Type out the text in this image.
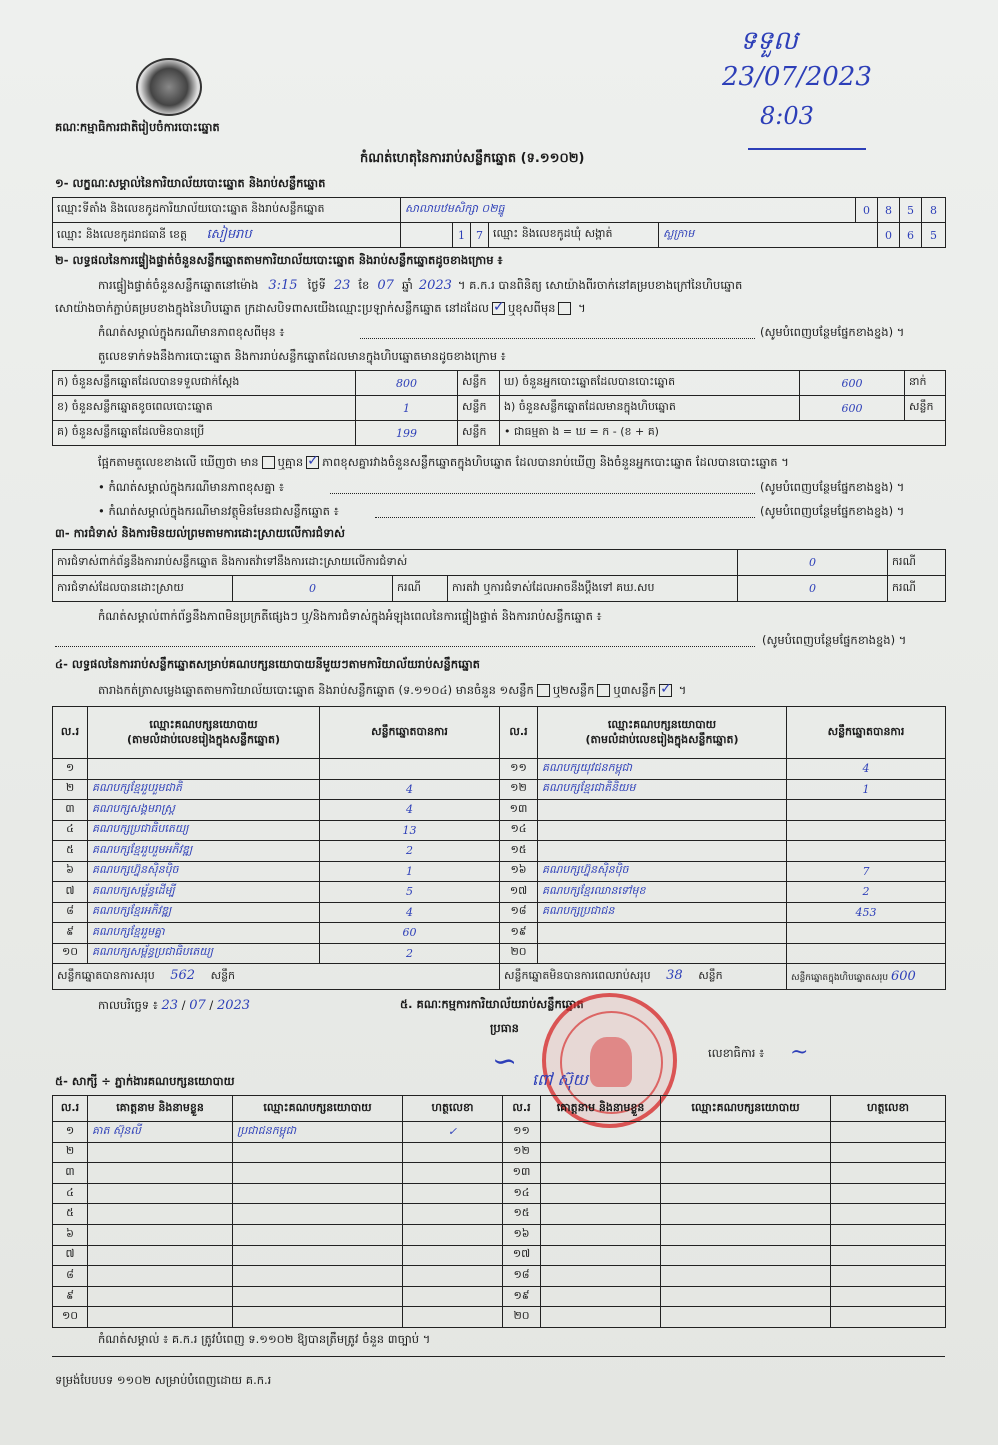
ទទួល
23/07/2023
8:03
គណៈកម្មាធិការជាតិរៀបចំការបោះឆ្នោត
កំណត់ហេតុនៃការរាប់សន្លឹកឆ្នោត (ទ.១១០២)
១- លក្ខណៈសម្គាល់នៃការិយាល័យបោះឆ្នោត និងរាប់សន្លឹកឆ្នោត
ឈ្មោះទីតាំង និងលេខកូដការិយាល័យបោះឆ្នោត និងរាប់សន្លឹកឆ្នោត	សាលាបឋមសិក្សា ០២ធ្នូ					0	8	5	8
ឈ្មោះ និងលេខកូដរាជធានី ខេត្ត សៀមរាប		1	7	ឈ្មោះ និងលេខកូដឃុំ សង្កាត់	ស្លក្រាម		0	6	5
២- លទ្ធផលនៃការផ្ទៀងផ្ទាត់ចំនួនសន្លឹកឆ្នោតតាមការិយាល័យបោះឆ្នោត និងរាប់សន្លឹកឆ្នោតដូចខាងក្រោម ៖
ការផ្ទៀងផ្ទាត់ចំនួនសន្លឹកឆ្នោតនៅម៉ោង 3:15 ថ្ងៃទី 23 ខែ 07 ឆ្នាំ 2023 ។ គ.ក.រ បានពិនិត្យ សោយ៉ាងពីរចាក់នៅគម្របខាងក្រៅនៃហិបឆ្នោត
សោយ៉ាងចាក់ភ្ជាប់គម្របខាងក្នុងនៃហិបឆ្នោត ក្រដាសបិទពាសយើងឈ្មោះប្រឡាក់សន្លឹកឆ្នោត នៅដដែល ✓ ឬខុសពីមុន ។
កំណត់សម្គាល់ក្នុងករណីមានភាពខុសពីមុន ៖	(សូមបំពេញបន្ថែមផ្នែកខាងខ្នង) ។
តួលេខទាក់ទងនឹងការបោះឆ្នោត និងការរាប់សន្លឹកឆ្នោតដែលមានក្នុងហិបឆ្នោតមានដូចខាងក្រោម ៖
ក) ចំនួនសន្លឹកឆ្នោតដែលបានទទួលជាក់ស្តែង	800	សន្លឹក	ឃ) ចំនួនអ្នកបោះឆ្នោតដែលបានបោះឆ្នោត	600	នាក់
ខ) ចំនួនសន្លឹកឆ្នោតខូចពេលបោះឆ្នោត	1	សន្លឹក	ង) ចំនួនសន្លឹកឆ្នោតដែលមានក្នុងហិបឆ្នោត	600	សន្លឹក
គ) ចំនួនសន្លឹកឆ្នោតដែលមិនបានប្រើ	199	សន្លឹក	• ជាធម្មតា ង = ឃ = ក - (ខ + គ)		
ផ្អែកតាមតួលេខខាងលើ ឃើញថា មាន ឬគ្មាន ✓ ភាពខុសគ្នារវាងចំនួនសន្លឹកឆ្នោតក្នុងហិបឆ្នោត ដែលបានរាប់ឃើញ និងចំនួនអ្នកបោះឆ្នោត ដែលបានបោះឆ្នោត ។
• កំណត់សម្គាល់ក្នុងករណីមានភាពខុសគ្នា ៖	(សូមបំពេញបន្ថែមផ្នែកខាងខ្នង) ។
• កំណត់សម្គាល់ក្នុងករណីមានវត្ថុមិនមែនជាសន្លឹកឆ្នោត ៖	(សូមបំពេញបន្ថែមផ្នែកខាងខ្នង) ។
៣- ការជំទាស់ និងការមិនយល់ព្រមតាមការដោះស្រាយលើការជំទាស់
ការជំទាស់ពាក់ព័ន្ធនឹងការរាប់សន្លឹកឆ្នោត និងការតវ៉ាទៅនឹងការដោះស្រាយលើការជំទាស់				0	ករណី
ការជំទាស់ដែលបានដោះស្រាយ	0	ករណី	ការតវ៉ា ឬការជំទាស់ដែលអាចនឹងប្តឹងទៅ គឃ.សប	0	ករណី
កំណត់សម្គាល់ពាក់ព័ន្ធនឹងភាពមិនប្រក្រតីផ្សេងៗ ឬ/និងការជំទាស់ក្នុងអំឡុងពេលនៃការផ្ទៀងផ្ទាត់ និងការរាប់សន្លឹកឆ្នោត ៖
(សូមបំពេញបន្ថែមផ្នែកខាងខ្នង) ។
៤- លទ្ធផលនៃការរាប់សន្លឹកឆ្នោតសម្រាប់គណបក្សនយោបាយនីមួយៗតាមការិយាល័យរាប់សន្លឹកឆ្នោត
តារាងកត់ត្រាសម្លេងឆ្នោតតាមការិយាល័យបោះឆ្នោត និងរាប់សន្លឹកឆ្នោត (ទ.១១០៤) មានចំនួន ១សន្លឹក ឬ២សន្លឹក ឬ៣សន្លឹក✓ ។
ល.រ	ឈ្មោះគណបក្សនយោបាយ
(តាមលំដាប់លេខរៀងក្នុងសន្លឹកឆ្នោត)	សន្លឹកឆ្នោតបានការ	ល.រ	ឈ្មោះគណបក្សនយោបាយ
(តាមលំដាប់លេខរៀងក្នុងសន្លឹកឆ្នោត)	សន្លឹកឆ្នោតបានការ
១			១១	គណបក្សយុវជនកម្ពុជា	4
២	គណបក្សខ្មែររួបរួមជាតិ	4	១២	គណបក្សខ្មែរជាតិនិយម	1
៣	គណបក្សសង្គមរាស្ត្រ	4	១៣		
៤	គណបក្សប្រជាធិបតេយ្យ	13	១៤		
៥	គណបក្សខ្មែររួបរួមអភិវឌ្ឍ	2	១៥		
៦	គណបក្សហ្វ៊ុនស៊ិនប៉ិច	1	១៦	គណបក្សហ្វ៊ុនស៊ិនប៉ិច	7
៧	គណបក្សសម្ព័ន្ធដើម្បី	5	១៧	គណបក្សខ្មែរឈានទៅមុខ	2
៨	គណបក្សខ្មែរអភិវឌ្ឍ	4	១៨	គណបក្សប្រជាជន	453
៩	គណបក្សខ្មែររួមគ្នា	60	១៩		
១០	គណបក្សសម្ព័ន្ធប្រជាធិបតេយ្យ	2	២០		
សន្លឹកឆ្នោតបានការសរុប 562 សន្លឹក			សន្លឹកឆ្នោតមិនបានការពេលរាប់សរុប 38 សន្លឹក		សន្លឹកឆ្នោតក្នុងហិបឆ្នោតសរុប 600
កាលបរិច្ឆេទ ៖ 23 / 07 / 2023	៥. គណៈកម្មការការិយាល័យរាប់សន្លឹកឆ្នោត
ប្រធាន
∽
ពៅ ស៊ុយ
លេខាធិការ ៖ ~
៥- សាក្សី ÷ ភ្នាក់ងារគណបក្សនយោបាយ
ល.រ	គោត្តនាម និងនាមខ្លួន	ឈ្មោះគណបក្សនយោបាយ	ហត្ថលេខា	ល.រ	គោត្តនាម និងនាមខ្លួន	ឈ្មោះគណបក្សនយោបាយ	ហត្ថលេខា
១	គាត ស៊ុនលី	ប្រជាជនកម្ពុជា	✓	១១			
២				១២			
៣				១៣			
៤				១៤			
៥				១៥			
៦				១៦			
៧				១៧			
៨				១៨			
៩				១៩			
១០				២០			
កំណត់សម្គាល់ ៖ គ.ក.រ ត្រូវបំពេញ ទ.១១០២ ឱ្យបានត្រឹមត្រូវ ចំនួន ៣ច្បាប់ ។
ទម្រង់បែបបទ ១១០២ សម្រាប់បំពេញដោយ គ.ក.រ
